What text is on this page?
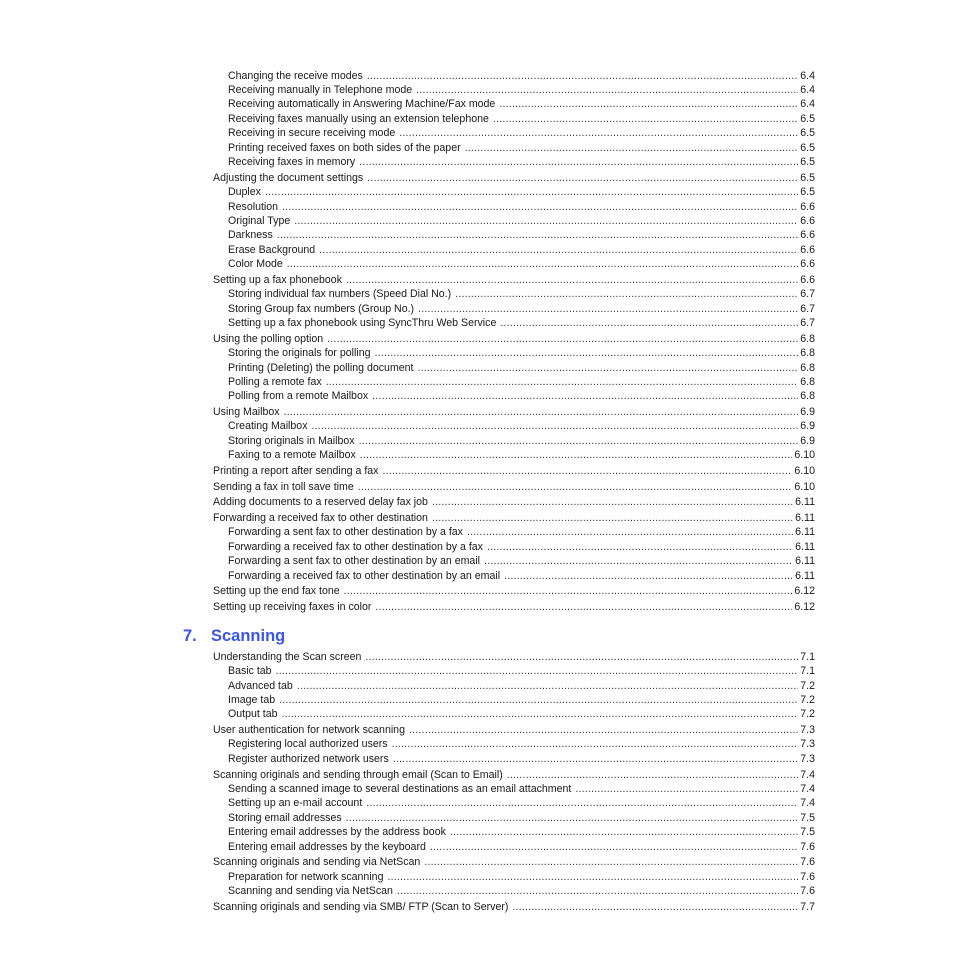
Changing the receive modes .....	6.4
Receiving manually in Telephone mode .....	6.4
Receiving automatically in Answering Machine/Fax mode .....	6.4
Receiving faxes manually using an extension telephone .....	6.5
Receiving in secure receiving mode .....	6.5
Printing received faxes on both sides of the paper .....	6.5
Receiving faxes in memory .....	6.5
Adjusting the document settings .....	6.5
Duplex .....	6.5
Resolution .....	6.6
Original Type .....	6.6
Darkness .....	6.6
Erase Background .....	6.6
Color Mode .....	6.6
Setting up a fax phonebook .....	6.6
Storing individual fax numbers (Speed Dial No.) .....	6.7
Storing Group fax numbers (Group No.) .....	6.7
Setting up a fax phonebook using SyncThru Web Service .....	6.7
Using the polling option .....	6.8
Storing the originals for polling .....	6.8
Printing (Deleting) the polling document .....	6.8
Polling a remote fax .....	6.8
Polling from a remote Mailbox .....	6.8
Using Mailbox .....	6.9
Creating Mailbox .....	6.9
Storing originals in Mailbox .....	6.9
Faxing to a remote Mailbox .....	6.10
Printing a report after sending a fax .....	6.10
Sending a fax in toll save time .....	6.10
Adding documents to a reserved delay fax job .....	6.11
Forwarding a received fax to other destination .....	6.11
Forwarding a sent fax to other destination by a fax .....	6.11
Forwarding a received fax to other destination by a fax .....	6.11
Forwarding a sent fax to other destination by an email .....	6.11
Forwarding a received fax to other destination by an email .....	6.11
Setting up the end fax tone .....	6.12
Setting up receiving faxes in color .....	6.12
7. Scanning
Understanding the Scan screen .....	7.1
Basic tab .....	7.1
Advanced tab .....	7.2
Image tab .....	7.2
Output tab .....	7.2
User authentication for network scanning .....	7.3
Registering local authorized users .....	7.3
Register authorized network users .....	7.3
Scanning originals and sending through email (Scan to Email) .....	7.4
Sending a scanned image to several destinations as an email attachment .....	7.4
Setting up an e-mail account .....	7.4
Storing email addresses .....	7.5
Entering email addresses by the address book .....	7.5
Entering email addresses by the keyboard .....	7.6
Scanning originals and sending via NetScan .....	7.6
Preparation for network scanning .....	7.6
Scanning and sending via NetScan .....	7.6
Scanning originals and sending via SMB/ FTP (Scan to Server) .....	7.7
